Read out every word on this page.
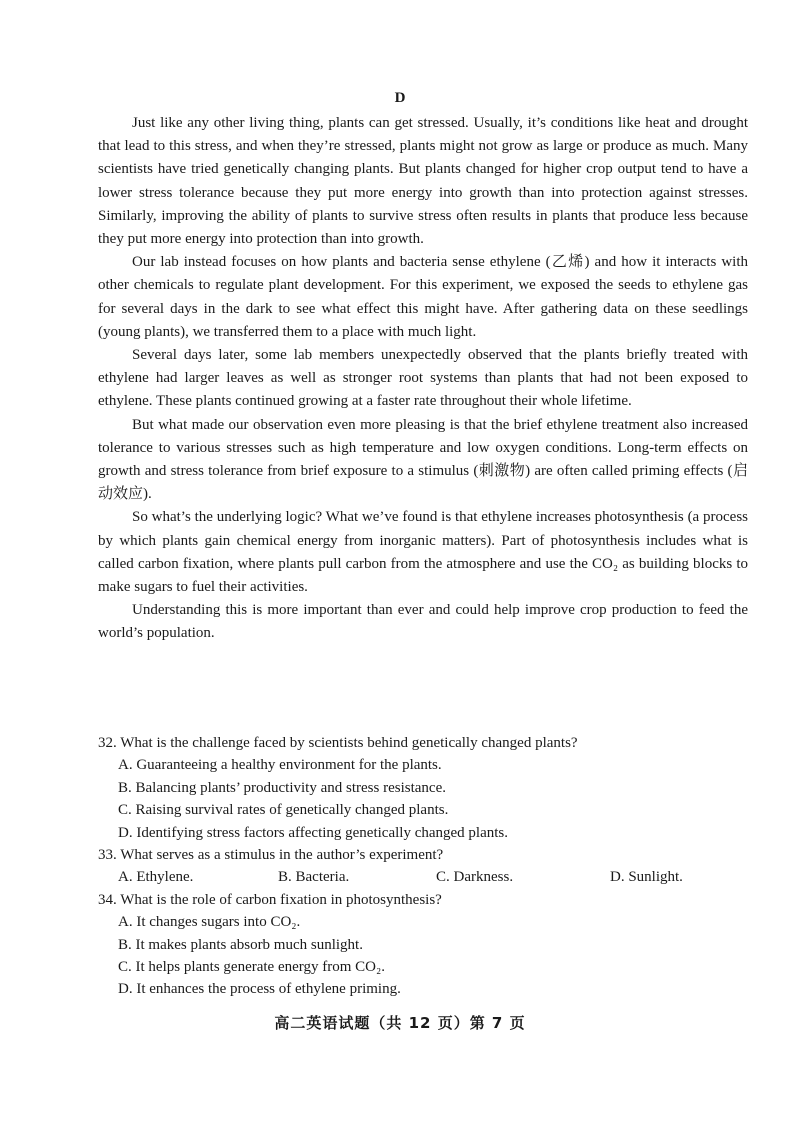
D

Just like any other living thing, plants can get stressed. Usually, it’s conditions like heat and drought that lead to this stress, and when they’re stressed, plants might not grow as large or produce as much. Many scientists have tried genetically changing plants. But plants changed for higher crop output tend to have a lower stress tolerance because they put more energy into growth than into protection against stresses. Similarly, improving the ability of plants to survive stress often results in plants that produce less because they put more energy into protection than into growth.

Our lab instead focuses on how plants and bacteria sense ethylene (乙烯) and how it interacts with other chemicals to regulate plant development. For this experiment, we exposed the seeds to ethylene gas for several days in the dark to see what effect this might have. After gathering data on these seedlings (young plants), we transferred them to a place with much light.

Several days later, some lab members unexpectedly observed that the plants briefly treated with ethylene had larger leaves as well as stronger root systems than plants that had not been exposed to ethylene. These plants continued growing at a faster rate throughout their whole lifetime.

But what made our observation even more pleasing is that the brief ethylene treatment also increased tolerance to various stresses such as high temperature and low oxygen conditions. Long-term effects on growth and stress tolerance from brief exposure to a stimulus (刺激物) are often called priming effects (启动效应).

So what’s the underlying logic? What we’ve found is that ethylene increases photosynthesis (a process by which plants gain chemical energy from inorganic matters). Part of photosynthesis includes what is called carbon fixation, where plants pull carbon from the atmosphere and use the CO₂ as building blocks to make sugars to fuel their activities.

Understanding this is more important than ever and could help improve crop production to feed the world’s population.

32. What is the challenge faced by scientists behind genetically changed plants?

A. Guaranteeing a healthy environment for the plants.

B. Balancing plants’ productivity and stress resistance.

C. Raising survival rates of genetically changed plants.

D. Identifying stress factors affecting genetically changed plants.

33. What serves as a stimulus in the author’s experiment?

A. Ethylene.	B. Bacteria.	C. Darkness.	D. Sunlight.

34. What is the role of carbon fixation in photosynthesis?

A. It changes sugars into CO₂.

B. It makes plants absorb much sunlight.

C. It helps plants generate energy from CO₂.

D. It enhances the process of ethylene priming.

高二英语试题（共 12 页）第 7 页
